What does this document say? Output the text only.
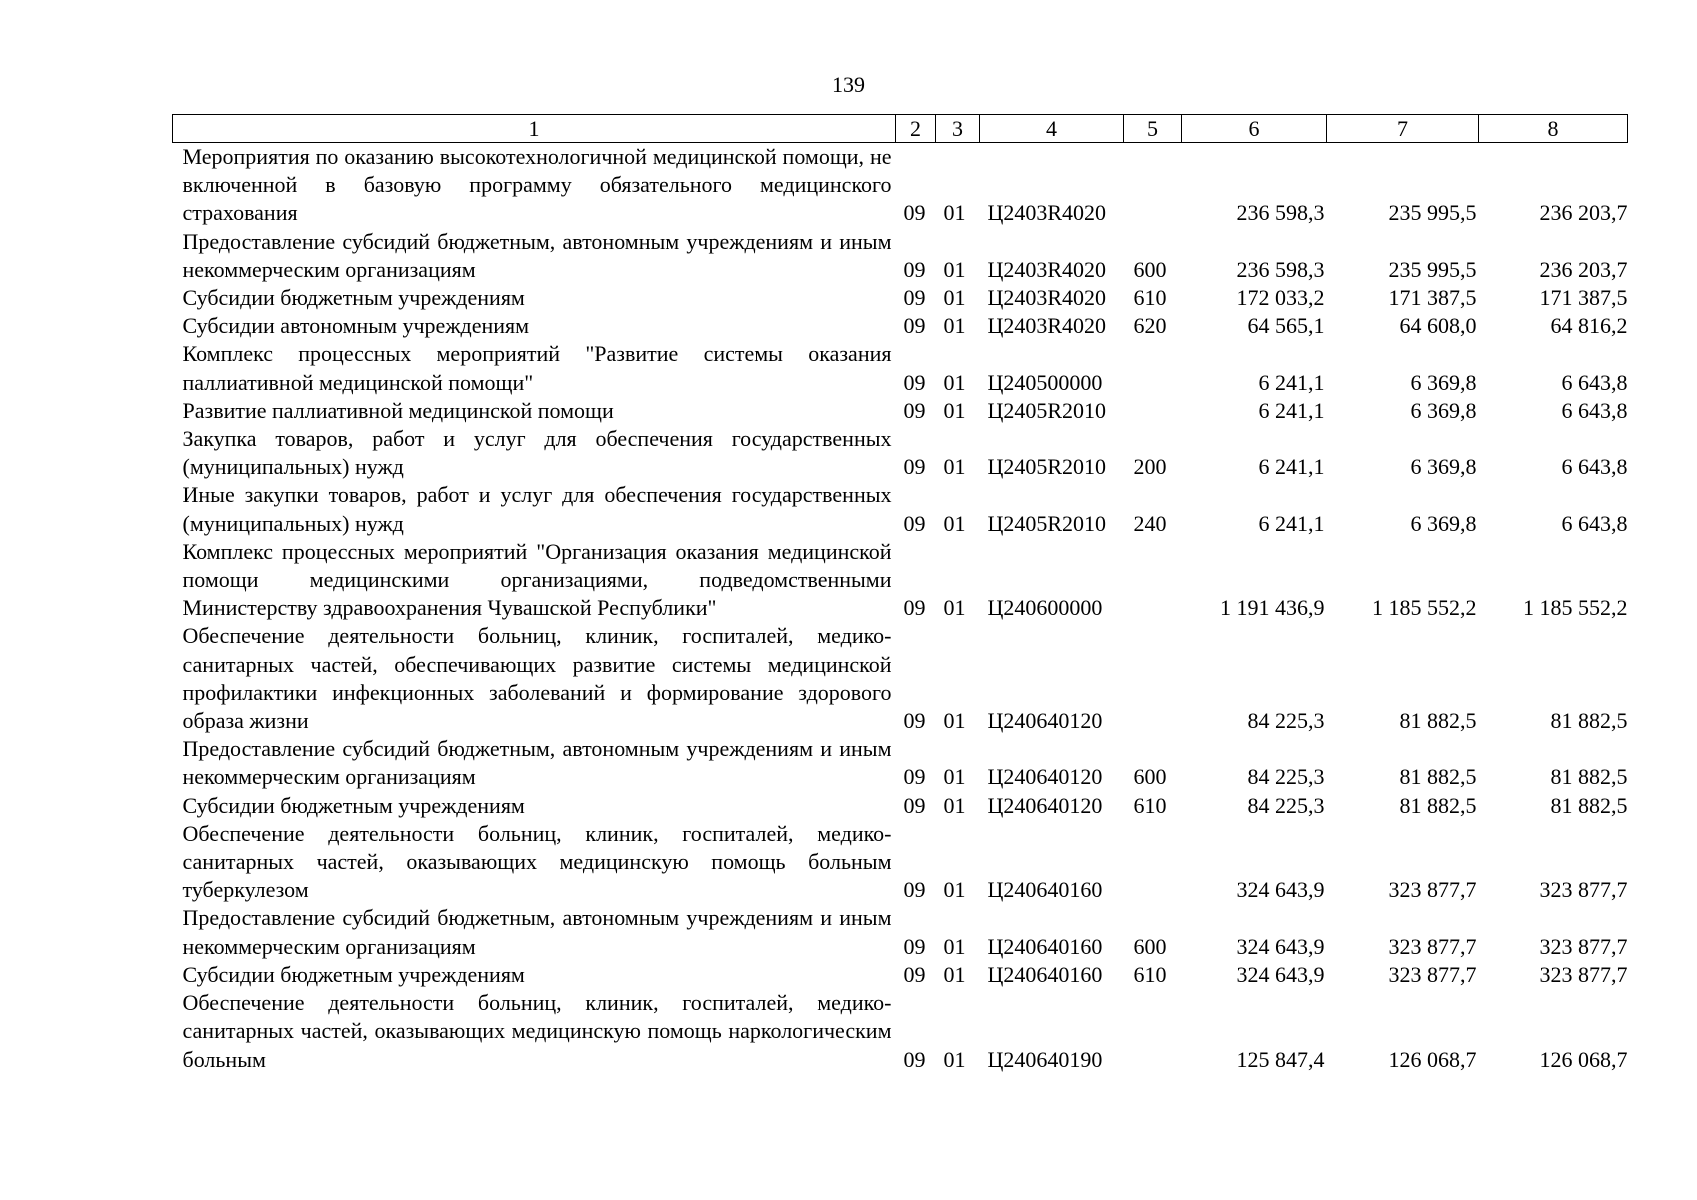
139
1	2	3	4	5	6	7	8
Мероприятия по оказанию высокотехнологичной медицинской помощи, не включенной в базовую программу обязательного медицинского страхования	09	01	Ц2403R4020		236 598,3	235 995,5	236 203,7
Предоставление субсидий бюджетным, автономным учреждениям и иным некоммерческим организациям	09	01	Ц2403R4020	600	236 598,3	235 995,5	236 203,7
Субсидии бюджетным учреждениям	09	01	Ц2403R4020	610	172 033,2	171 387,5	171 387,5
Субсидии автономным учреждениям	09	01	Ц2403R4020	620	64 565,1	64 608,0	64 816,2
Комплекс процессных мероприятий "Развитие системы оказания паллиативной медицинской помощи"	09	01	Ц240500000		6 241,1	6 369,8	6 643,8
Развитие паллиативной медицинской помощи	09	01	Ц2405R2010		6 241,1	6 369,8	6 643,8
Закупка товаров, работ и услуг для обеспечения государственных (муниципальных) нужд	09	01	Ц2405R2010	200	6 241,1	6 369,8	6 643,8
Иные закупки товаров, работ и услуг для обеспечения государственных (муниципальных) нужд	09	01	Ц2405R2010	240	6 241,1	6 369,8	6 643,8
Комплекс процессных мероприятий "Организация оказания медицинской помощи медицинскими организациями, подведомственными Министерству здравоохранения Чувашской Республики"	09	01	Ц240600000		1 191 436,9	1 185 552,2	1 185 552,2
Обеспечение деятельности больниц, клиник, госпиталей, медико-санитарных частей, обеспечивающих развитие системы медицинской профилактики инфекционных заболеваний и формирование здорового образа жизни	09	01	Ц240640120		84 225,3	81 882,5	81 882,5
Предоставление субсидий бюджетным, автономным учреждениям и иным некоммерческим организациям	09	01	Ц240640120	600	84 225,3	81 882,5	81 882,5
Субсидии бюджетным учреждениям	09	01	Ц240640120	610	84 225,3	81 882,5	81 882,5
Обеспечение деятельности больниц, клиник, госпиталей, медико-санитарных частей, оказывающих медицинскую помощь больным туберкулезом	09	01	Ц240640160		324 643,9	323 877,7	323 877,7
Предоставление субсидий бюджетным, автономным учреждениям и иным некоммерческим организациям	09	01	Ц240640160	600	324 643,9	323 877,7	323 877,7
Субсидии бюджетным учреждениям	09	01	Ц240640160	610	324 643,9	323 877,7	323 877,7
Обеспечение деятельности больниц, клиник, госпиталей, медико-санитарных частей, оказывающих медицинскую помощь наркологическим больным	09	01	Ц240640190		125 847,4	126 068,7	126 068,7
